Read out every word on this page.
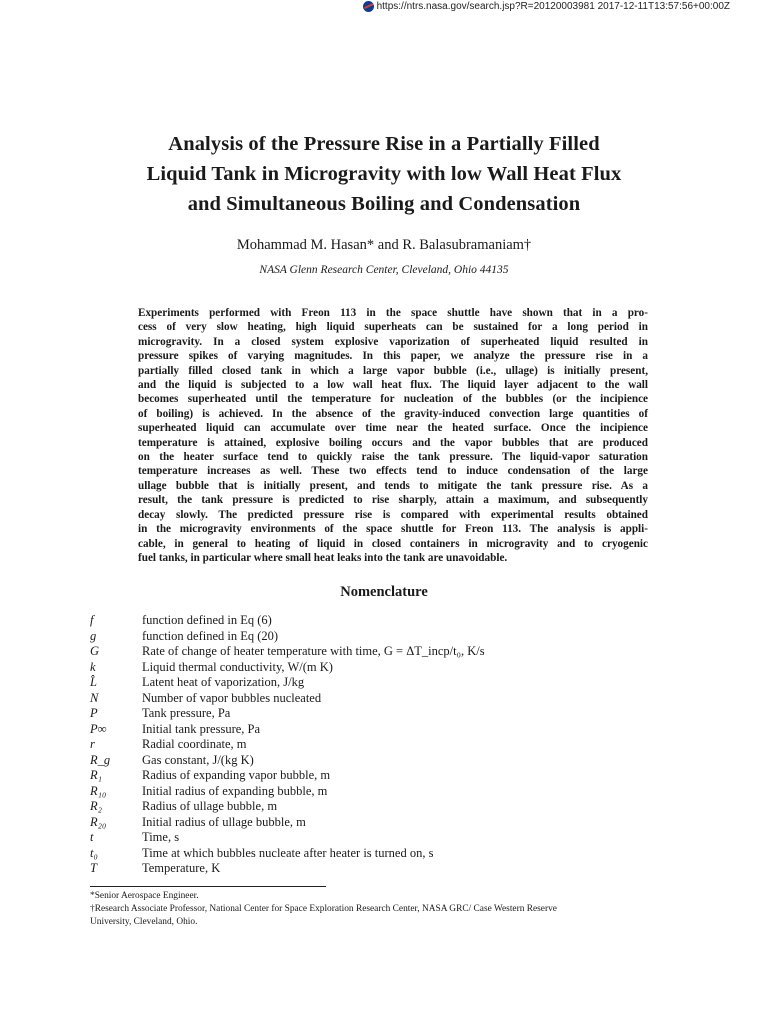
https://ntrs.nasa.gov/search.jsp?R=20120003981 2017-12-11T13:57:56+00:00Z
Analysis of the Pressure Rise in a Partially Filled
Liquid Tank in Microgravity with low Wall Heat Flux
and Simultaneous Boiling and Condensation
Mohammad M. Hasan* and R. Balasubramaniam†
NASA Glenn Research Center, Cleveland, Ohio 44135
Experiments performed with Freon 113 in the space shuttle have shown that in a pro-
cess of very slow heating, high liquid superheats can be sustained for a long period in
microgravity. In a closed system explosive vaporization of superheated liquid resulted in
pressure spikes of varying magnitudes. In this paper, we analyze the pressure rise in a
partially filled closed tank in which a large vapor bubble (i.e., ullage) is initially present,
and the liquid is subjected to a low wall heat flux. The liquid layer adjacent to the wall
becomes superheated until the temperature for nucleation of the bubbles (or the incipience
of boiling) is achieved. In the absence of the gravity-induced convection large quantities of
superheated liquid can accumulate over time near the heated surface. Once the incipience
temperature is attained, explosive boiling occurs and the vapor bubbles that are produced
on the heater surface tend to quickly raise the tank pressure. The liquid-vapor saturation
temperature increases as well. These two effects tend to induce condensation of the large
ullage bubble that is initially present, and tends to mitigate the tank pressure rise. As a
result, the tank pressure is predicted to rise sharply, attain a maximum, and subsequently
decay slowly. The predicted pressure rise is compared with experimental results obtained
in the microgravity environments of the space shuttle for Freon 113. The analysis is appli-
cable, in general to heating of liquid in closed containers in microgravity and to cryogenic
fuel tanks, in particular where small heat leaks into the tank are unavoidable.
Nomenclature
f	function defined in Eq (6)
g	function defined in Eq (20)
G	Rate of change of heater temperature with time, G = ΔT_incp/t₀, K/s
k	Liquid thermal conductivity, W/(m K)
L̂	Latent heat of vaporization, J/kg
N	Number of vapor bubbles nucleated
P	Tank pressure, Pa
P∞	Initial tank pressure, Pa
r	Radial coordinate, m
R_g	Gas constant, J/(kg K)
R₁	Radius of expanding vapor bubble, m
R₁₀	Initial radius of expanding bubble, m
R₂	Radius of ullage bubble, m
R₂₀	Initial radius of ullage bubble, m
t	Time, s
t₀	Time at which bubbles nucleate after heater is turned on, s
T	Temperature, K
*Senior Aerospace Engineer.
†Research Associate Professor, National Center for Space Exploration Research Center, NASA GRC/ Case Western Reserve
University, Cleveland, Ohio.
